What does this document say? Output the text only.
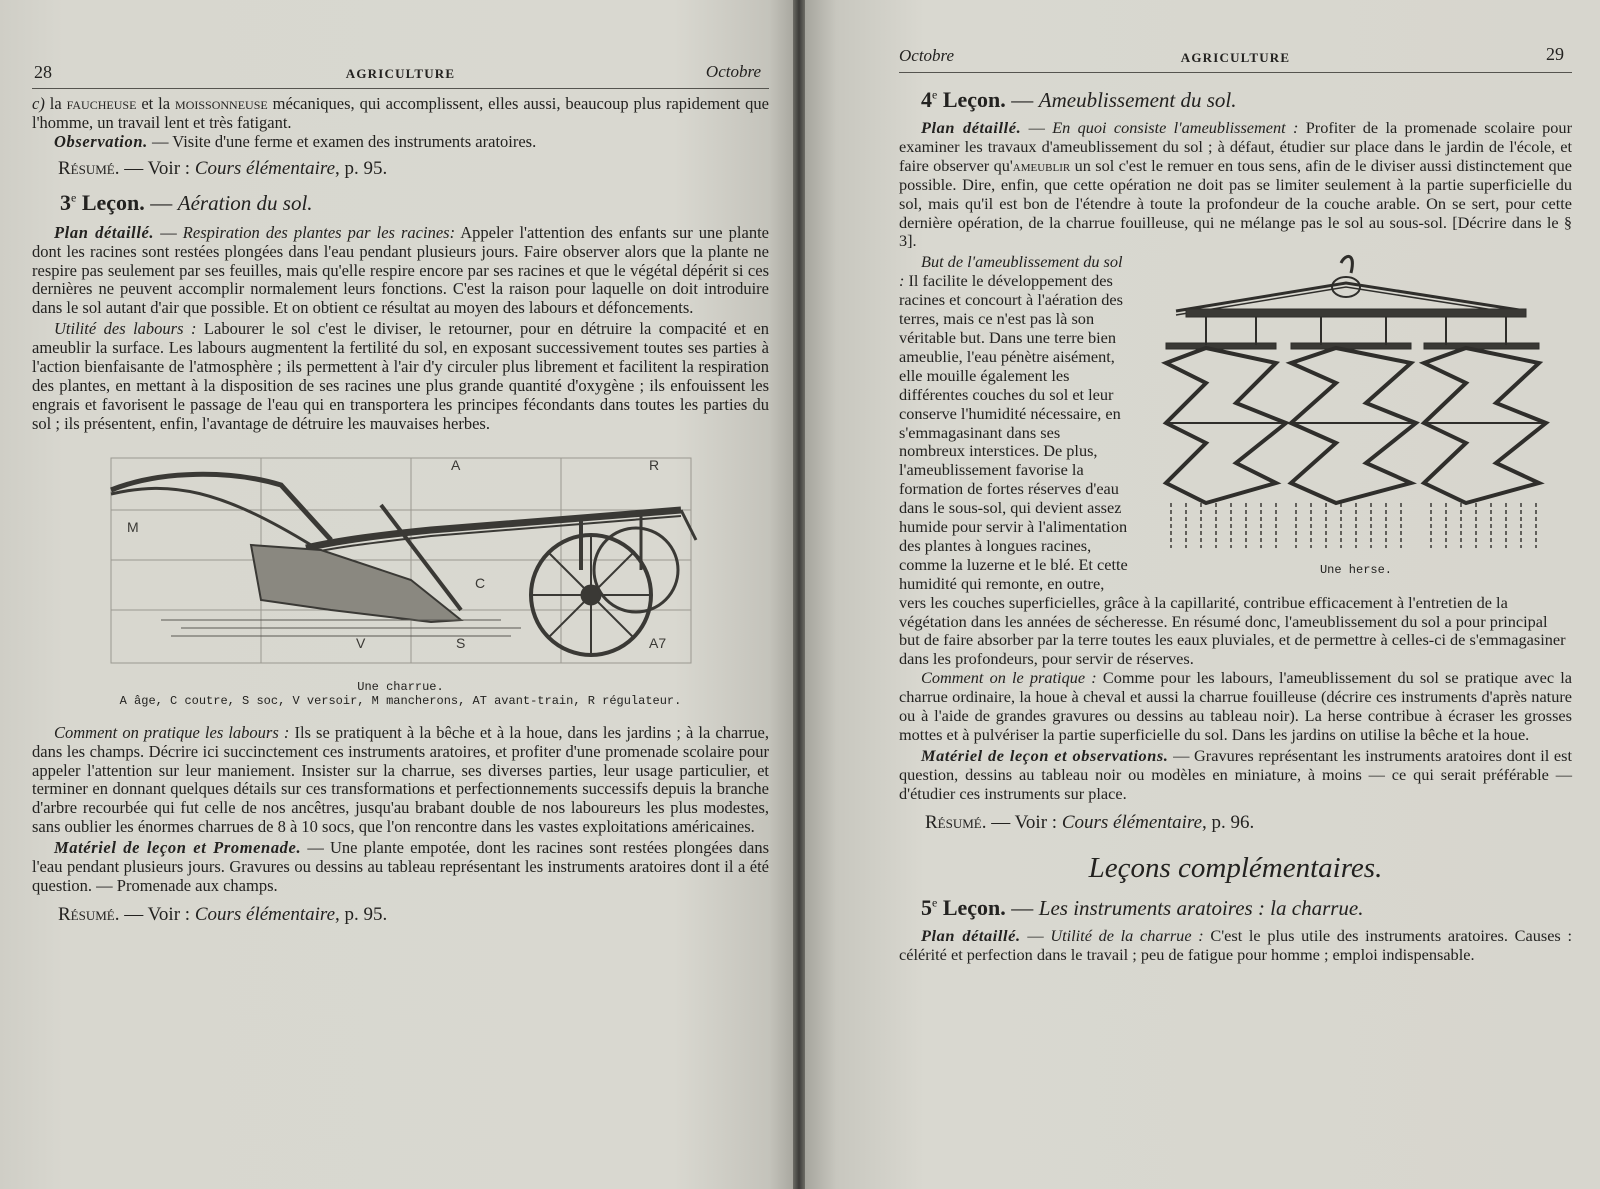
28	AGRICULTURE	Octobre

c) la faucheuse et la moissonneuse mécaniques, qui accomplissent, elles aussi, beaucoup plus rapidement que l'homme, un travail lent et très fatigant.

Observation. — Visite d'une ferme et examen des instruments aratoires.

Résumé. — Voir : Cours élémentaire, p. 95.
3e Leçon. — Aération du sol.

Plan détaillé. — Respiration des plantes par les racines: Appeler l'attention des enfants sur une plante dont les racines sont restées plongées dans l'eau pendant plusieurs jours. Faire observer alors que la plante ne respire pas seulement par ses feuilles, mais qu'elle respire encore par ses racines et que le végétal dépérit si ces dernières ne peuvent accomplir normalement leurs fonctions. C'est la raison pour laquelle on doit introduire dans le sol autant d'air que possible. Et on obtient ce résultat au moyen des labours et défoncements.

Utilité des labours : Labourer le sol c'est le diviser, le retourner, pour en détruire la compacité et en ameublir la surface. Les labours augmentent la fertilité du sol, en exposant successivement toutes ses parties à l'action bienfaisante de l'atmosphère ; ils permettent à l'air d'y circuler plus librement et facilitent la respiration des plantes, en mettant à la disposition de ses racines une plus grande quantité d'oxygène ; ils enfouissent les engrais et favorisent le passage de l'eau qui en transportera les principes fécondants dans toutes les parties du sol ; ils présentent, enfin, l'avantage de détruire les mauvaises herbes.

A	R
M
C
V	S	A7
Une charrue.
A âge, C coutre, S soc, V versoir, M mancherons, AT avant-train, R régulateur.

Comment on pratique les labours : Ils se pratiquent à la bêche et à la houe, dans les jardins ; à la charrue, dans les champs. Décrire ici succinctement ces instruments aratoires, et profiter d'une promenade scolaire pour appeler l'attention sur leur maniement. Insister sur la charrue, ses diverses parties, leur usage particulier, et terminer en donnant quelques détails sur ces transformations et perfectionnements successifs depuis la branche d'arbre recourbée qui fut celle de nos ancêtres, jusqu'au brabant double de nos laboureurs les plus modestes, sans oublier les énormes charrues de 8 à 10 socs, que l'on rencontre dans les vastes exploitations américaines.

Matériel de leçon et Promenade. — Une plante empotée, dont les racines sont restées plongées dans l'eau pendant plusieurs jours. Gravures ou dessins au tableau représentant les instruments aratoires dont il a été question. — Promenade aux champs.

Résumé. — Voir : Cours élémentaire, p. 95.
Octobre	AGRICULTURE	29
4e Leçon. — Ameublissement du sol.

Plan détaillé. — En quoi consiste l'ameublissement : Profiter de la promenade scolaire pour examiner les travaux d'ameublissement du sol ; à défaut, étudier sur place dans le jardin de l'école, et faire observer qu'ameublir un sol c'est le remuer en tous sens, afin de le diviser aussi distinctement que possible. Dire, enfin, que cette opération ne doit pas se limiter seulement à la partie superficielle du sol, mais qu'il est bon de l'étendre à toute la profondeur de la couche arable. On se sert, pour cette dernière opération, de la charrue fouilleuse, qui ne mélange pas le sol au sous-sol. [Décrire dans le § 3].

Une herse.

But de l'ameublissement du sol : Il facilite le développement des racines et concourt à l'aération des terres, mais ce n'est pas là son véritable but. Dans une terre bien ameublie, l'eau pénètre aisément, elle mouille également les différentes couches du sol et leur conserve l'humidité nécessaire, en s'emmagasinant dans ses nombreux interstices. De plus, l'ameublissement favorise la formation de fortes réserves d'eau dans le sous-sol, qui devient assez humide pour servir à l'alimentation des plantes à longues racines, comme la luzerne et le blé. Et cette humidité qui remonte, en outre, vers les couches superficielles, grâce à la capillarité, contribue efficacement à l'entretien de la végétation dans les années de sécheresse. En résumé donc, l'ameublissement du sol a pour principal but de faire absorber par la terre toutes les eaux pluviales, et de permettre à celles-ci de s'emmagasiner dans les profondeurs, pour servir de réserves.

Comment on le pratique : Comme pour les labours, l'ameublissement du sol se pratique avec la charrue ordinaire, la houe à cheval et aussi la charrue fouilleuse (décrire ces instruments d'après nature ou à l'aide de grandes gravures ou dessins au tableau noir). La herse contribue à écraser les grosses mottes et à pulvériser la partie superficielle du sol. Dans les jardins on utilise la bêche et la houe.

Matériel de leçon et observations. — Gravures représentant les instruments aratoires dont il est question, dessins au tableau noir ou modèles en miniature, à moins — ce qui serait préférable — d'étudier ces instruments sur place.

Résumé. — Voir : Cours élémentaire, p. 96.
Leçons complémentaires.
5e Leçon. — Les instruments aratoires : la charrue.

Plan détaillé. — Utilité de la charrue : C'est le plus utile des instruments aratoires. Causes : célérité et perfection dans le travail ; peu de fatigue pour homme ; emploi indispensable.
